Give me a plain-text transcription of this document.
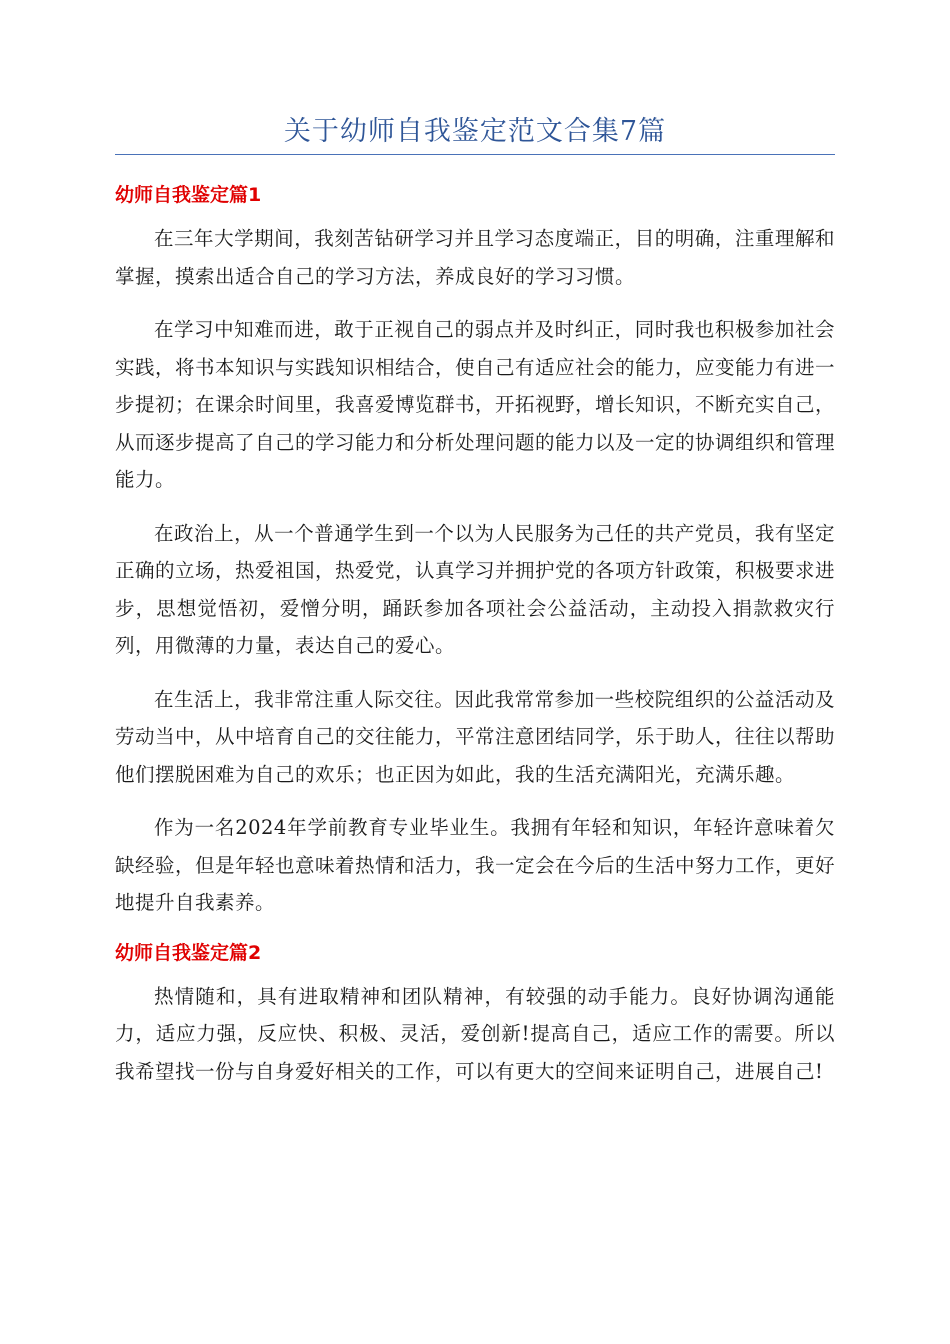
关于幼师自我鉴定范文合集7篇
幼师自我鉴定篇1

在三年大学期间，我刻苦钻研学习并且学习态度端正，目的明确，注重理解和掌握，摸索出适合自己的学习方法，养成良好的学习习惯。

在学习中知难而进，敢于正视自己的弱点并及时纠正，同时我也积极参加社会实践，将书本知识与实践知识相结合，使自己有适应社会的能力，应变能力有进一步提初；在课余时间里，我喜爱博览群书，开拓视野，增长知识，不断充实自己，从而逐步提高了自己的学习能力和分析处理问题的能力以及一定的协调组织和管理能力。

在政治上，从一个普通学生到一个以为人民服务为己任的共产党员，我有坚定正确的立场，热爱祖国，热爱党，认真学习并拥护党的各项方针政策，积极要求进步，思想觉悟初，爱憎分明，踊跃参加各项社会公益活动，主动投入捐款救灾行列，用微薄的力量，表达自己的爱心。

在生活上，我非常注重人际交往。因此我常常参加一些校院组织的公益活动及劳动当中，从中培育自己的交往能力，平常注意团结同学，乐于助人，往往以帮助他们摆脱困难为自己的欢乐；也正因为如此，我的生活充满阳光，充满乐趣。

作为一名2024年学前教育专业毕业生。我拥有年轻和知识，年轻许意味着欠缺经验，但是年轻也意味着热情和活力，我一定会在今后的生活中努力工作，更好地提升自我素养。

幼师自我鉴定篇2

热情随和，具有进取精神和团队精神，有较强的动手能力。良好协调沟通能力，适应力强，反应快、积极、灵活，爱创新!提高自己，适应工作的需要。所以我希望找一份与自身爱好相关的工作，可以有更大的空间来证明自己，进展自己!
